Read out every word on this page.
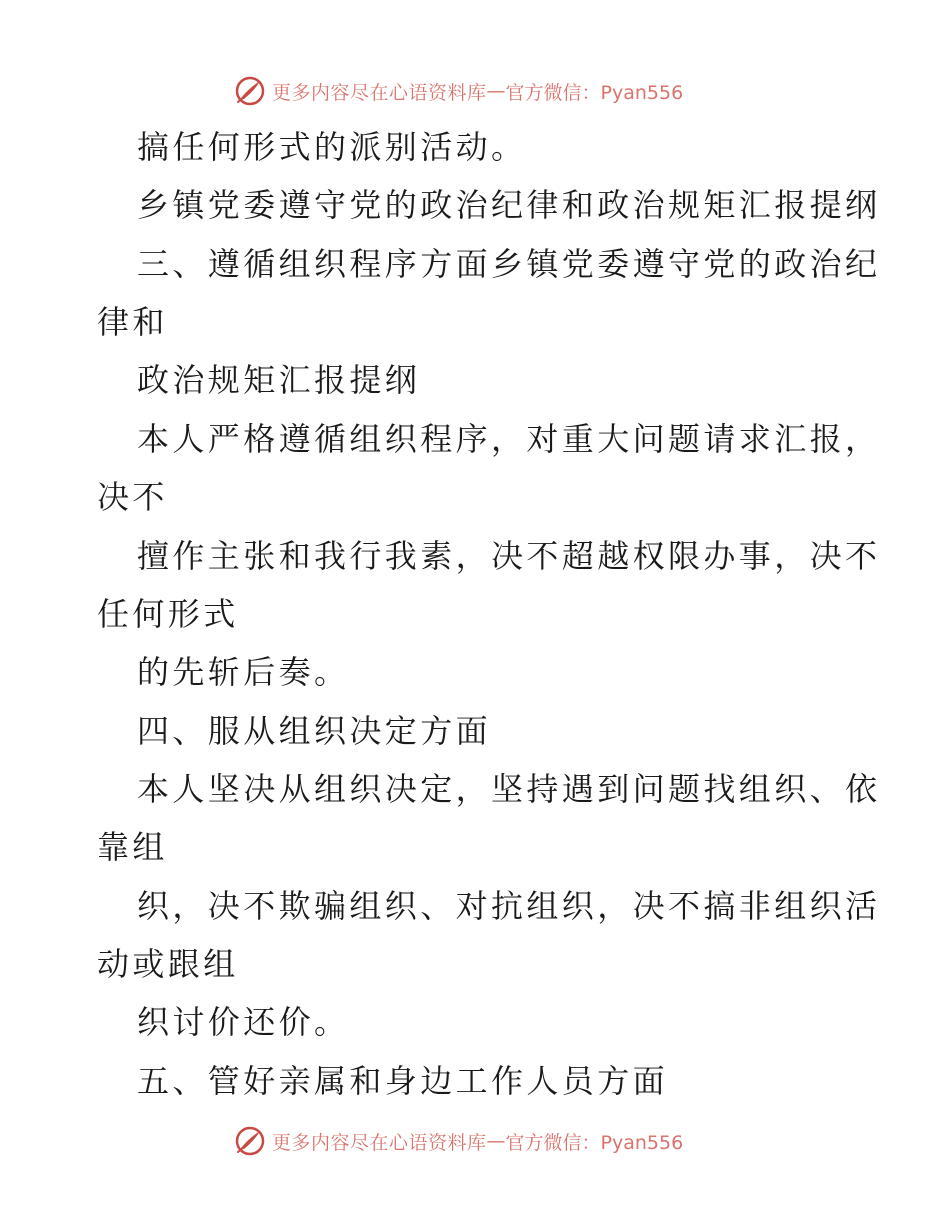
更多内容尽在心语资料库 — 官方微信：Pyan556
搞任何形式的派别活动。
乡镇党委遵守党的政治纪律和政治规矩汇报提纲
三、遵循组织程序方面乡镇党委遵守党的政治纪
律和
政治规矩汇报提纲
本人严格遵循组织程序，对重大问题请求汇报，
决不
擅作主张和我行我素，决不超越权限办事，决不
任何形式
的先斩后奏。
四、服从组织决定方面
本人坚决从组织决定，坚持遇到问题找组织、依
靠组
织，决不欺骗组织、对抗组织，决不搞非组织活
动或跟组
织讨价还价。
五、管好亲属和身边工作人员方面
更多内容尽在心语资料库 — 官方微信：Pyan556
